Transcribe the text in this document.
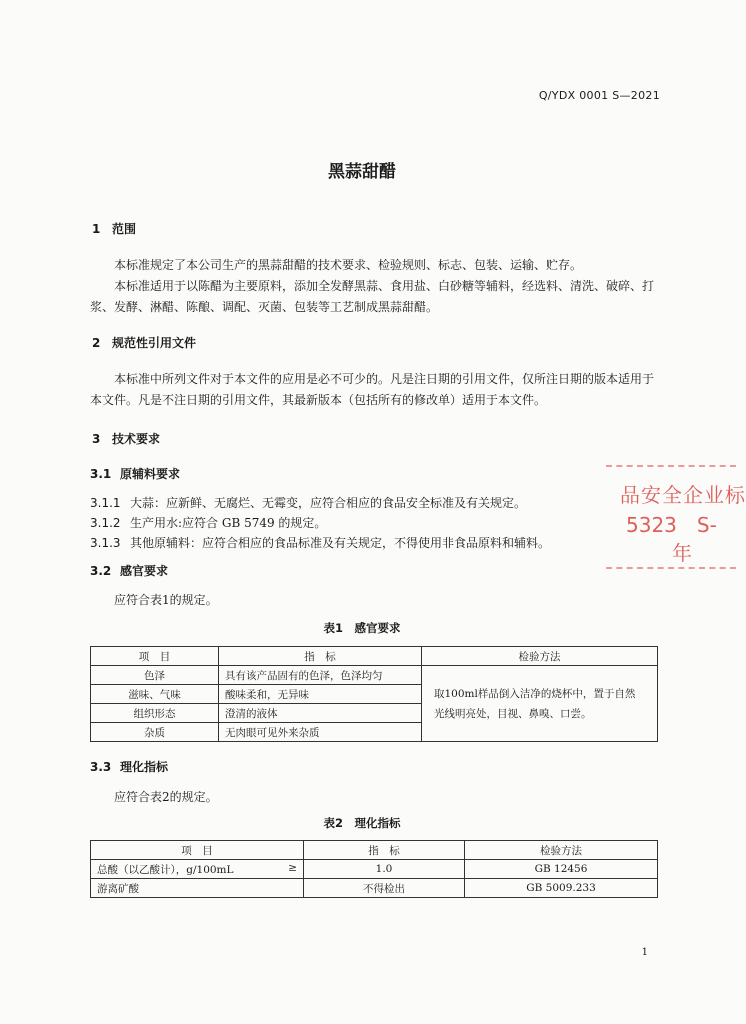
Q/YDX 0001 S—2021
黑蒜甜醋
1 范围

本标准规定了本公司生产的黑蒜甜醋的技术要求、检验规则、标志、包装、运输、贮存。

本标准适用于以陈醋为主要原料，添加全发酵黑蒜、食用盐、白砂糖等辅料，经选料、清洗、破碎、打浆、发酵、淋醋、陈酿、调配、灭菌、包装等工艺制成黑蒜甜醋。

2 规范性引用文件

本标准中所列文件对于本文件的应用是必不可少的。凡是注日期的引用文件，仅所注日期的版本适用于本文件。凡是不注日期的引用文件，其最新版本（包括所有的修改单）适用于本文件。

3 技术要求
3.1 原辅料要求
3.1.1 大蒜：应新鲜、无腐烂、无霉变，应符合相应的食品安全标准及有关规定。
3.1.2 生产用水:应符合 GB 5749 的规定。
3.1.3 其他原辅料：应符合相应的食品标准及有关规定，不得使用非食品原料和辅料。
3.2 感官要求

应符合表1的规定。

表1　感官要求
项　目	指　标	检验方法
色泽	具有该产品固有的色泽，色泽均匀	取100ml样品倒入洁净的烧杯中，置于自然光线明亮处，目视、鼻嗅、口尝。
滋味、气味	酸味柔和，无异味	
组织形态	澄清的液体	
杂质	无肉眼可见外来杂质	
3.3 理化指标

应符合表2的规定。

表2　理化指标
项　目	指　标	检验方法
总酸（以乙酸计），g/100mL ≥	1.0	GB 12456
游离矿酸	不得检出	GB 5009.233
品安全企业标
5323　S-
年
1
